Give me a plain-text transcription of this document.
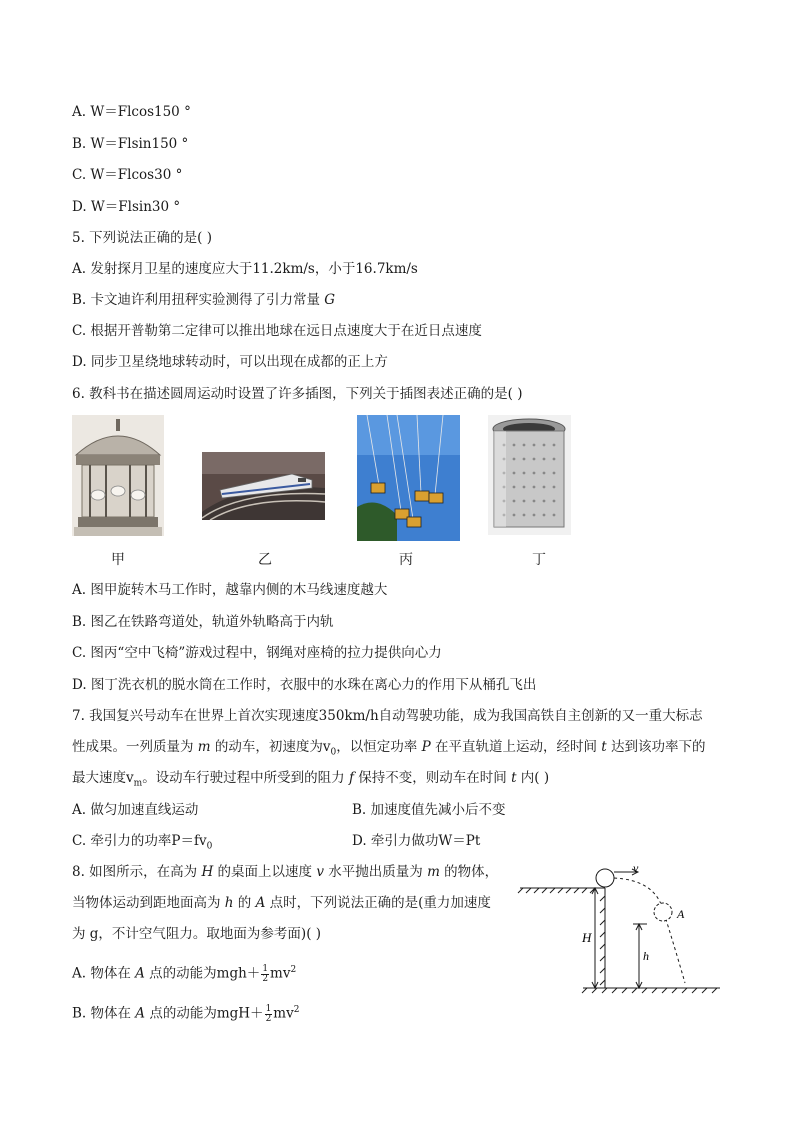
A. W＝Flcos150 °
B. W＝Flsin150 °
C. W＝Flcos30 °
D. W＝Flsin30 °
5. 下列说法正确的是( )
A. 发射探月卫星的速度应大于11.2km/s，小于16.7km/s
B. 卡文迪许利用扭秤实验测得了引力常量 G
C. 根据开普勒第二定律可以推出地球在远日点速度大于在近日点速度
D. 同步卫星绕地球转动时，可以出现在成都的正上方
6. 教科书在描述圆周运动时设置了许多插图，下列关于插图表述正确的是( )
甲	乙	丙	丁
A. 图甲旋转木马工作时，越靠内侧的木马线速度越大
B. 图乙在铁路弯道处，轨道外轨略高于内轨
C. 图丙“空中飞椅”游戏过程中，钢绳对座椅的拉力提供向心力
D. 图丁洗衣机的脱水筒在工作时，衣服中的水珠在离心力的作用下从桶孔飞出
7. 我国复兴号动车在世界上首次实现速度350km/h自动驾驶功能，成为我国高铁自主创新的又一重大标志
性成果。一列质量为 m 的动车，初速度为$v_0$，以恒定功率 P 在平直轨道上运动，经时间 t 达到该功率下的
最大速度$v_m$。设动车行驶过程中所受到的阻力 f 保持不变，则动车在时间 t 内( )
A. 做匀加速直线运动	B. 加速度值先减小后不变
C. 牵引力的功率$P=fv_0$	D. 牵引力做功W＝Pt
8. 如图所示，在高为 H 的桌面上以速度 v 水平抛出质量为 m 的物体，
当物体运动到距地面高为 h 的 A 点时，下列说法正确的是(重力加速度
为 g，不计空气阻力。取地面为参考面)( )
A. 物体在 A 点的动能为$mgh+ \frac{1}{2} mv^2$
B. 物体在 A 点的动能为$mgH+ \frac{1}{2} mv^2$
v
A
H
h
